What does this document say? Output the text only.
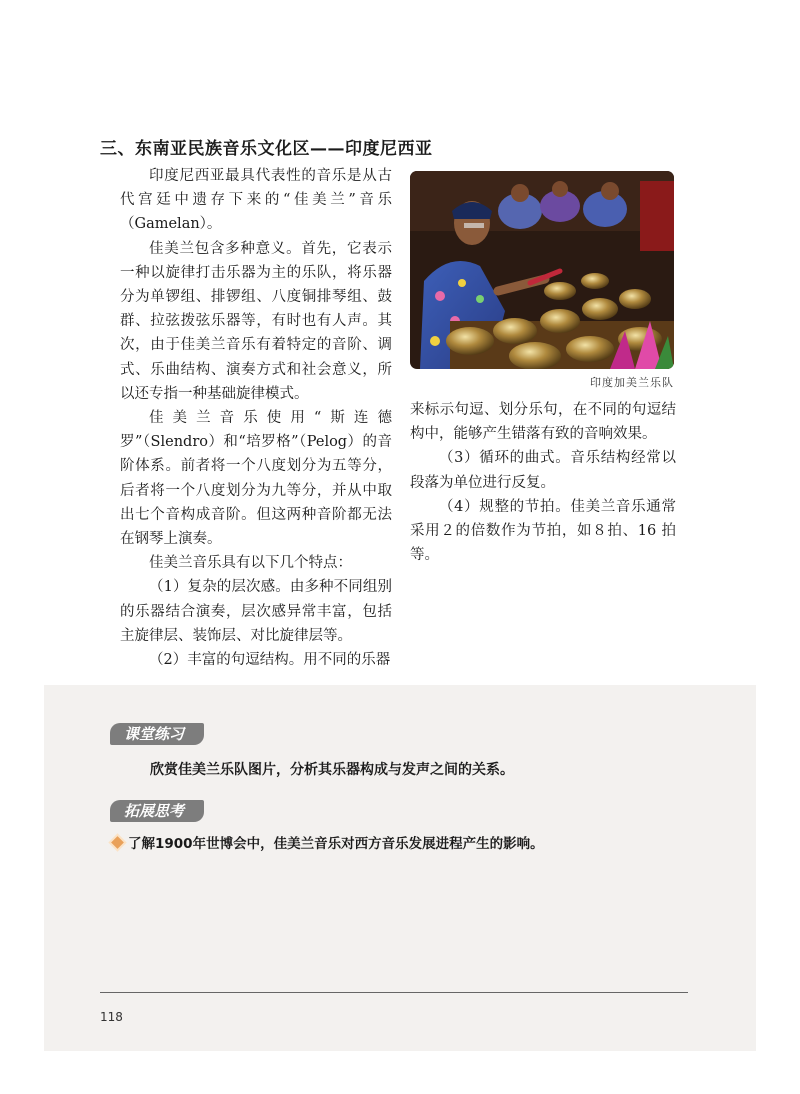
三、东南亚民族音乐文化区——印度尼西亚

印度尼西亚最具代表性的音乐是从古代宫廷中遗存下来的“佳美兰”音乐（Gamelan）。

佳美兰包含多种意义。首先，它表示一种以旋律打击乐器为主的乐队，将乐器分为单锣组、排锣组、八度铜排琴组、鼓群、拉弦拨弦乐器等，有时也有人声。其次，由于佳美兰音乐有着特定的音阶、调式、乐曲结构、演奏方式和社会意义，所以还专指一种基础旋律模式。

佳美兰音乐使用“斯连德罗”（Slendro）和“培罗格”（Pelog）的音阶体系。前者将一个八度划分为五等分，后者将一个八度划分为九等分，并从中取出七个音构成音阶。但这两种音阶都无法在钢琴上演奏。

佳美兰音乐具有以下几个特点：

（1）复杂的层次感。由多种不同组别的乐器结合演奏，层次感异常丰富，包括主旋律层、装饰层、对比旋律层等。

（2）丰富的句逗结构。用不同的乐器

印度加美兰乐队

来标示句逗、划分乐句，在不同的句逗结构中，能够产生错落有致的音响效果。

（3）循环的曲式。音乐结构经常以段落为单位进行反复。

（4）规整的节拍。佳美兰音乐通常采用２的倍数作为节拍，如８拍、16 拍等。

课堂练习
欣赏佳美兰乐队图片，分析其乐器构成与发声之间的关系。
拓展思考
了解1900年世博会中，佳美兰音乐对西方音乐发展进程产生的影响。
118
